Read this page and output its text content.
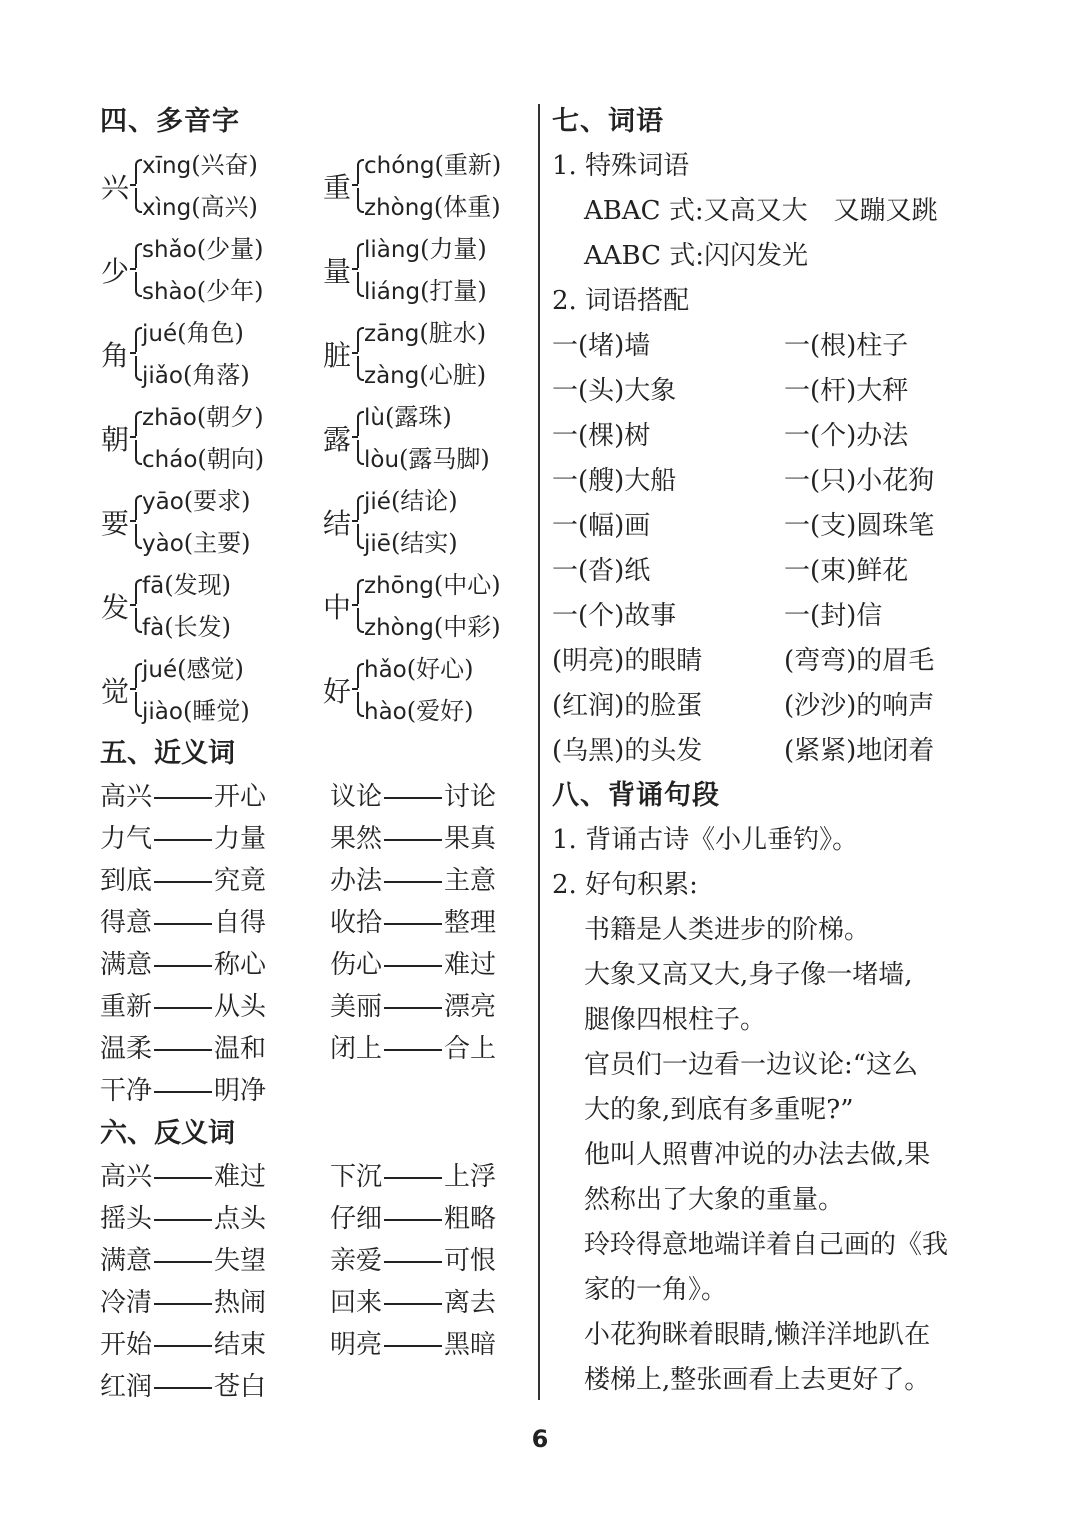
四、多音字
兴
xīng(兴奋)
xìng(高兴)
重
chóng(重新)
zhòng(体重)
少
shǎo(少量)
shào(少年)
量
liàng(力量)
liáng(打量)
角
jué(角色)
jiǎo(角落)
脏
zāng(脏水)
zàng(心脏)
朝
zhāo(朝夕)
cháo(朝向)
露
lù(露珠)
lòu(露马脚)
要
yāo(要求)
yào(主要)
结
jié(结论)
jiē(结实)
发
fā(发现)
fà(长发)
中
zhōng(中心)
zhòng(中彩)
觉
jué(感觉)
jiào(睡觉)
好
hǎo(好心)
hào(爱好)
五、近义词
高兴 开心	议论 讨论
力气 力量	果然 果真
到底 究竟	办法 主意
得意 自得	收拾 整理
满意 称心	伤心 难过
重新 从头	美丽 漂亮
温柔 温和	闭上 合上
干净 明净
六、反义词
高兴 难过	下沉 上浮
摇头 点头	仔细 粗略
满意 失望	亲爱 可恨
冷清 热闹	回来 离去
开始 结束	明亮 黑暗
红润 苍白
七、词语
1. 特殊词语
ABAC 式:又高又大　又蹦又跳
AABC 式:闪闪发光
2. 词语搭配
一(堵)墙	一(根)柱子
一(头)大象	一(杆)大秤
一(棵)树	一(个)办法
一(艘)大船	一(只)小花狗
一(幅)画	一(支)圆珠笔
一(沓)纸	一(束)鲜花
一(个)故事	一(封)信
(明亮)的眼睛	(弯弯)的眉毛
(红润)的脸蛋	(沙沙)的响声
(乌黑)的头发	(紧紧)地闭着
八、背诵句段
1. 背诵古诗《小儿垂钓》。
2. 好句积累:
书籍是人类进步的阶梯。
大象又高又大,身子像一堵墙,
腿像四根柱子。
官员们一边看一边议论:“这么
大的象,到底有多重呢?”
他叫人照曹冲说的办法去做,果
然称出了大象的重量。
玲玲得意地端详着自己画的《我
家的一角》。
小花狗眯着眼睛,懒洋洋地趴在
楼梯上,整张画看上去更好了。
6
